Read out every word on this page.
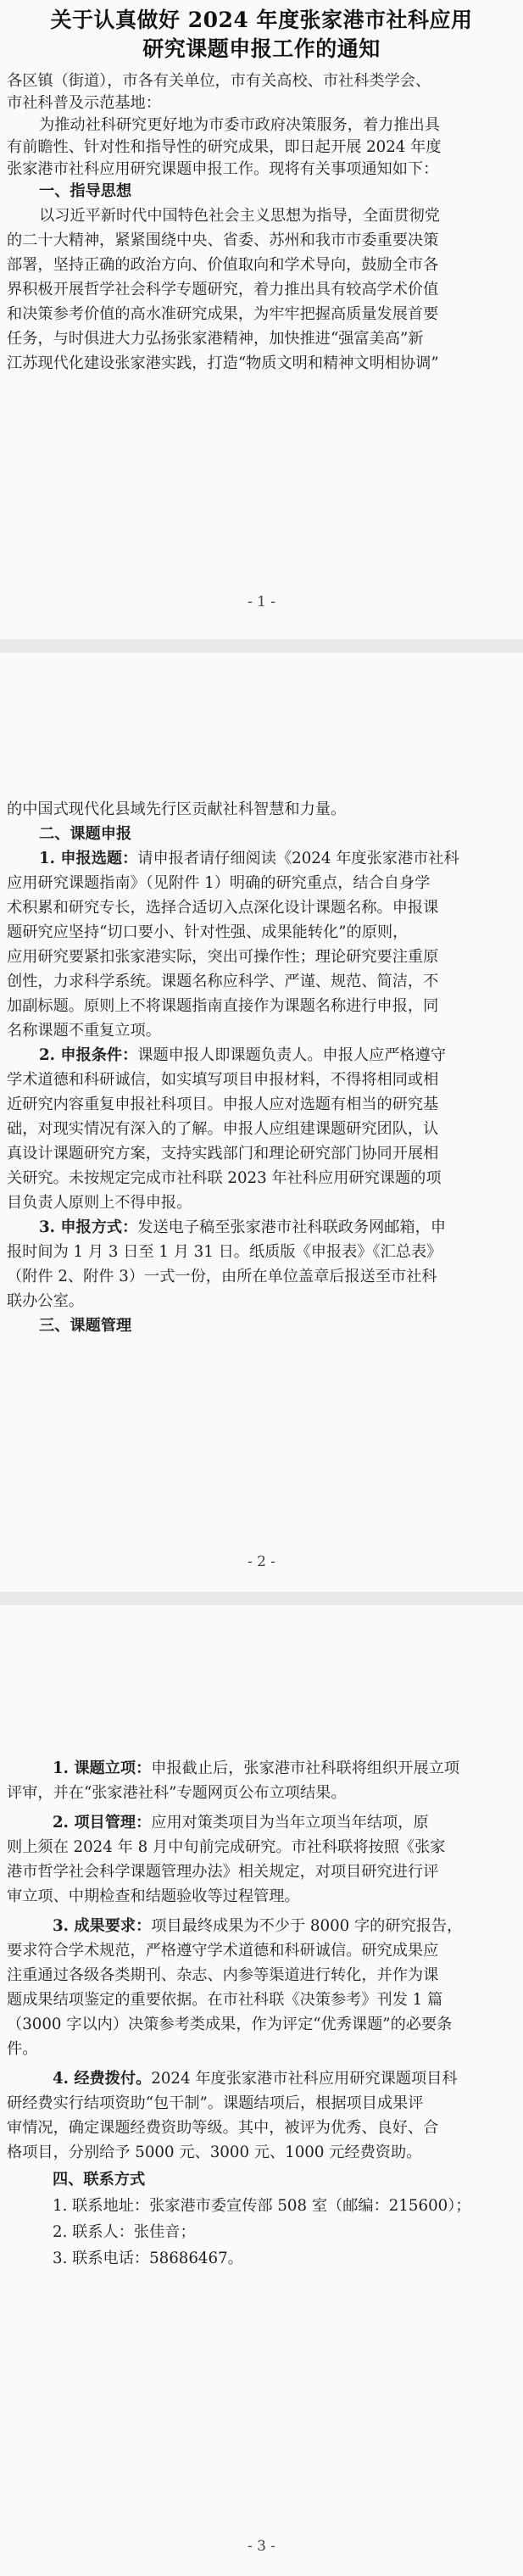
关于认真做好 2024 年度张家港市社科应用
研究课题申报工作的通知
各区镇（街道），市各有关单位，市有关高校、市社科类学会、
市社科普及示范基地：
为推动社科研究更好地为市委市政府决策服务，着力推出具
有前瞻性、针对性和指导性的研究成果，即日起开展 2024 年度
张家港市社科应用研究课题申报工作。现将有关事项通知如下：
一、指导思想
以习近平新时代中国特色社会主义思想为指导，全面贯彻党
的二十大精神，紧紧围绕中央、省委、苏州和我市市委重要决策
部署，坚持正确的政治方向、价值取向和学术导向，鼓励全市各
界积极开展哲学社会科学专题研究，着力推出具有较高学术价值
和决策参考价值的高水准研究成果，为牢牢把握高质量发展首要
任务，与时俱进大力弘扬张家港精神，加快推进“强富美高”新
江苏现代化建设张家港实践，打造“物质文明和精神文明相协调”
- 1 -
的中国式现代化县域先行区贡献社科智慧和力量。
二、课题申报
1. 申报选题：请申报者请仔细阅读《2024 年度张家港市社科
应用研究课题指南》（见附件 1）明确的研究重点，结合自身学
术积累和研究专长，选择合适切入点深化设计课题名称。申报课
题研究应坚持“切口要小、针对性强、成果能转化”的原则，
应用研究要紧扣张家港实际，突出可操作性；理论研究要注重原
创性，力求科学系统。课题名称应科学、严谨、规范、简洁，不
加副标题。原则上不将课题指南直接作为课题名称进行申报，同
名称课题不重复立项。
2. 申报条件：课题申报人即课题负责人。申报人应严格遵守
学术道德和科研诚信，如实填写项目申报材料，不得将相同或相
近研究内容重复申报社科项目。申报人应对选题有相当的研究基
础，对现实情况有深入的了解。申报人应组建课题研究团队，认
真设计课题研究方案，支持实践部门和理论研究部门协同开展相
关研究。未按规定完成市社科联 2023 年社科应用研究课题的项
目负责人原则上不得申报。
3. 申报方式：发送电子稿至张家港市社科联政务网邮箱，申
报时间为 1 月 3 日至 1 月 31 日。纸质版《申报表》《汇总表》
（附件 2、附件 3）一式一份，由所在单位盖章后报送至市社科
联办公室。
三、课题管理
- 2 -
1. 课题立项：申报截止后，张家港市社科联将组织开展立项
评审，并在“张家港社科”专题网页公布立项结果。
2. 项目管理：应用对策类项目为当年立项当年结项，原
则上须在 2024 年 8 月中旬前完成研究。市社科联将按照《张家
港市哲学社会科学课题管理办法》相关规定，对项目研究进行评
审立项、中期检查和结题验收等过程管理。
3. 成果要求：项目最终成果为不少于 8000 字的研究报告，
要求符合学术规范，严格遵守学术道德和科研诚信。研究成果应
注重通过各级各类期刊、杂志、内参等渠道进行转化，并作为课
题成果结项鉴定的重要依据。在市社科联《决策参考》刊发 1 篇
（3000 字以内）决策参考类成果，作为评定“优秀课题”的必要条
件。
4. 经费拨付。2024 年度张家港市社科应用研究课题项目科
研经费实行结项资助“包干制”。课题结项后，根据项目成果评
审情况，确定课题经费资助等级。其中，被评为优秀、良好、合
格项目，分别给予 5000 元、3000 元、1000 元经费资助。
四、联系方式
1. 联系地址：张家港市委宣传部 508 室（邮编：215600）；
2. 联系人：张佳音；
3. 联系电话：58686467。
- 3 -
